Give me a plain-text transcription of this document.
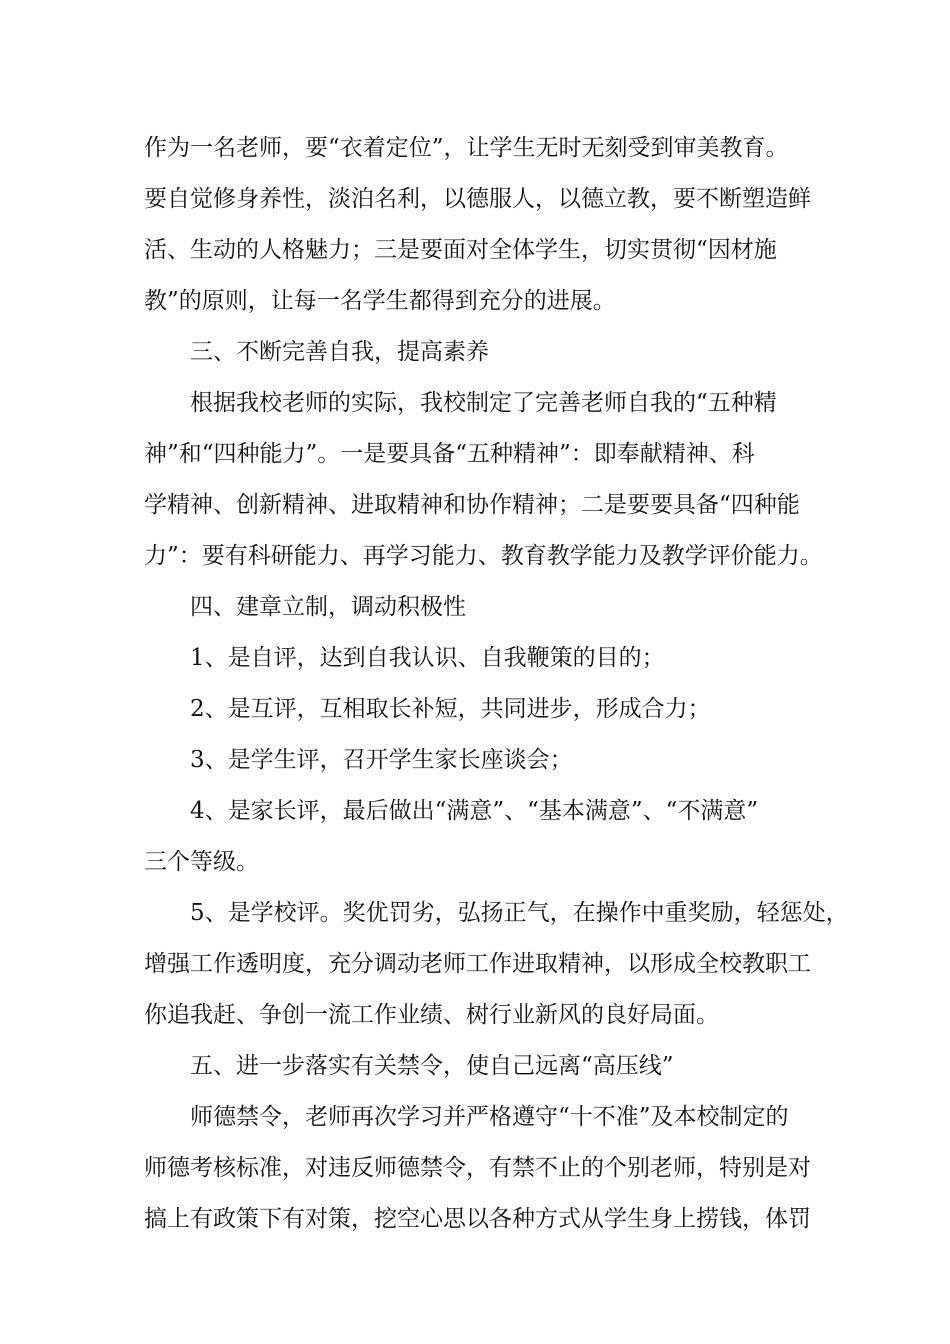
作为一名老师，要“衣着定位”，让学生无时无刻受到审美教育。
要自觉修身养性，淡泊名利，以德服人，以德立教，要不断塑造鲜
活、生动的人格魅力；三是要面对全体学生，切实贯彻“因材施
教”的原则，让每一名学生都得到充分的进展。
三、不断完善自我，提高素养
根据我校老师的实际，我校制定了完善老师自我的“五种精
神”和“四种能力”。一是要具备“五种精神”：即奉献精神、科
学精神、创新精神、进取精神和协作精神；二是要要具备“四种能
力”：要有科研能力、再学习能力、教育教学能力及教学评价能力。
四、建章立制，调动积极性
1、是自评，达到自我认识、自我鞭策的目的；
2、是互评，互相取长补短，共同进步，形成合力；
3、是学生评，召开学生家长座谈会；
4、是家长评，最后做出“满意”、“基本满意”、“不满意”
三个等级。
5、是学校评。奖优罚劣，弘扬正气，在操作中重奖励，轻惩处，
增强工作透明度，充分调动老师工作进取精神，以形成全校教职工
你追我赶、争创一流工作业绩、树行业新风的良好局面。
五、进一步落实有关禁令，使自己远离“高压线”
师德禁令，老师再次学习并严格遵守“十不准”及本校制定的
师德考核标准，对违反师德禁令，有禁不止的个别老师，特别是对
搞上有政策下有对策，挖空心思以各种方式从学生身上捞钱，体罚
